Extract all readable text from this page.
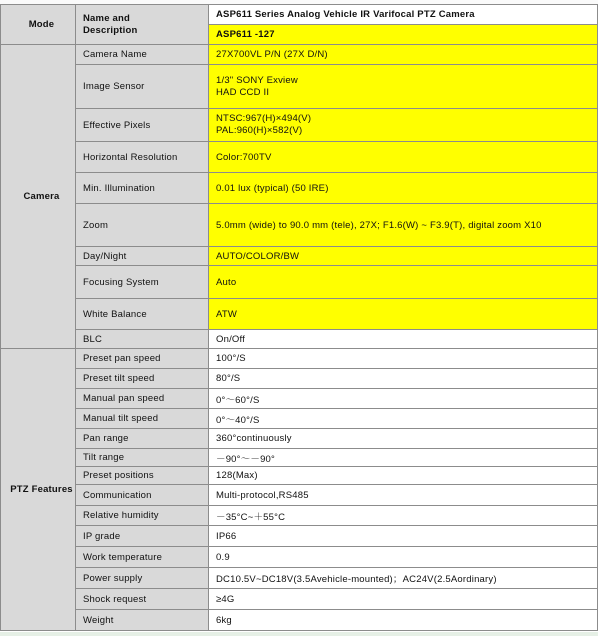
Mode	Name and
Description	ASP611 Series Analog Vehicle IR Varifocal PTZ Camera
		ASP611 -127
Camera	Camera Name	27X700VL P/N (27X D/N)
	Image Sensor	1/3" SONY Exview
HAD CCD II

	Effective Pixels	NTSC:967(H)×494(V)
PAL:960(H)×582(V)

	Horizontal Resolution	Color:700TV
	Min. Illumination	0.01 lux (typical) (50 IRE)
	Zoom	5.0mm (wide) to 90.0 mm (tele), 27X; F1.6(W) ~ F3.9(T), digital zoom X10
	Day/Night	AUTO/COLOR/BW
	Focusing System	Auto
	White Balance	ATW
	BLC	On/Off
PTZ Features	Preset pan speed	100°/S
	Preset tilt speed	80°/S
	Manual pan speed	0°～60°/S
	Manual tilt speed	0°～40°/S
	Pan range	360°continuously
	Tilt range	－90°～－90°
	Preset positions	128(Max)
	Communication	Multi-protocol,RS485
	Relative humidity	－35°C~＋55°C
	IP grade	IP66
	Work temperature	0.9
	Power supply	DC10.5V~DC18V(3.5Avehicle-mounted)；AC24V(2.5Aordinary)
	Shock request	≥4G
	Weight	6kg
